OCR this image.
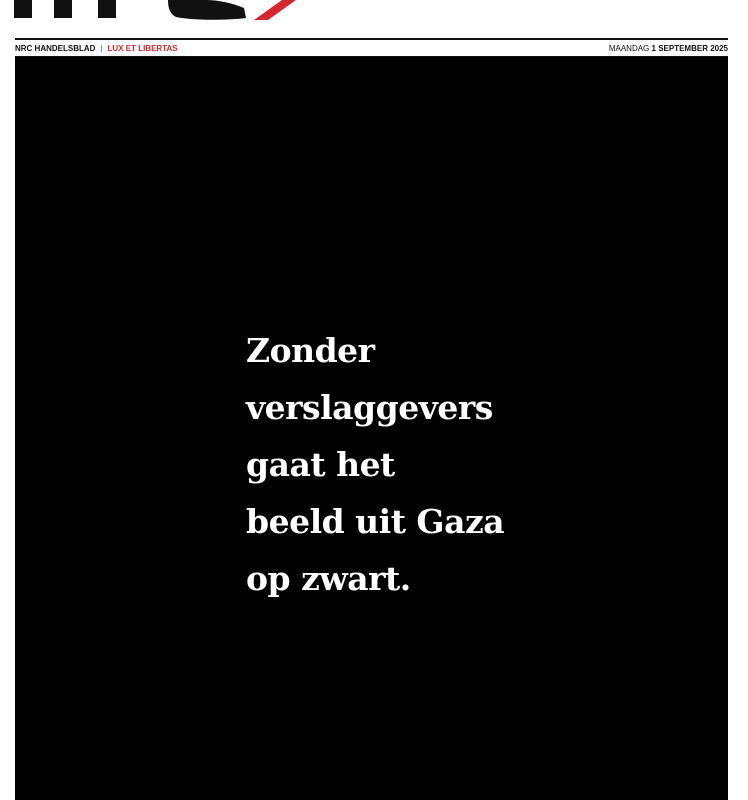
NRC HANDELSBLAD | LUX ET LIBERTAS	MAANDAG 1 SEPTEMBER 2025
Zonder
verslaggevers
gaat het
beeld uit Gaza
op zwart.
